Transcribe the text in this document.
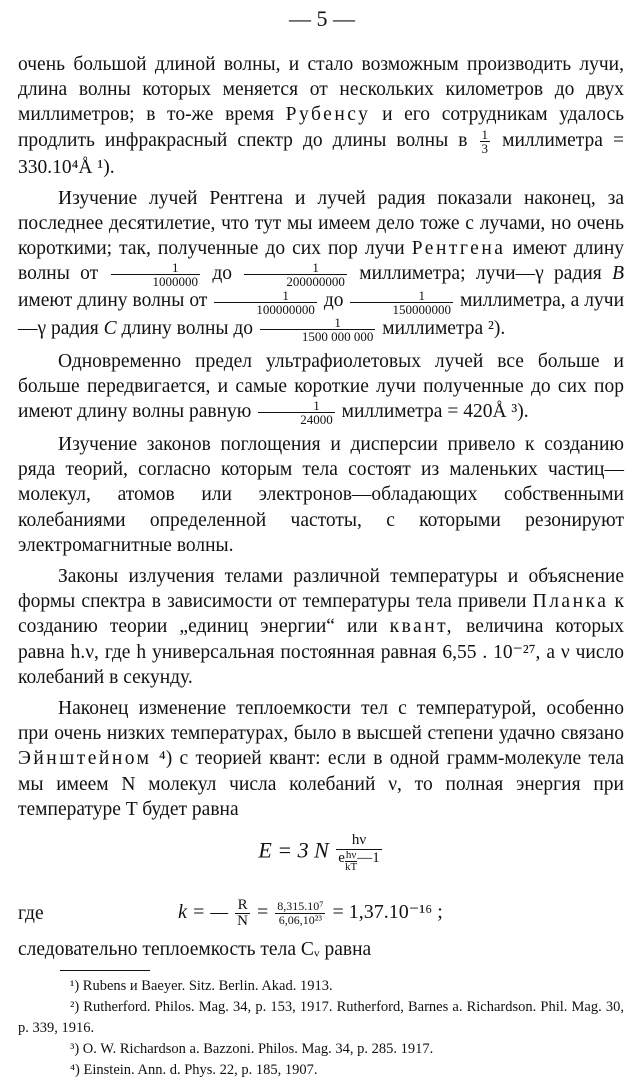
— 5 —

очень большой длиной волны, и стало возможным производить лучи, длина волны которых меняется от нескольких километров до двух миллиметров; в то-же время Рубенсу и его сотрудникам удалось продлить инфракрасный спектр до длины волны в $\frac{1}{3}$ миллиметра = 330.10⁴Å ¹).

Изучение лучей Рентгена и лучей радия показали наконец, за последнее десятилетие, что тут мы имеем дело тоже с лучами, но очень короткими; так, полученные до сих пор лучи Рентгена имеют длину волны от $\frac{1}{1000000}$ до $\frac{1}{200000000}$ миллиметра; лучи—γ радия B имеют длину волны от $\frac{1}{100000000}$ до $\frac{1}{150000000}$ миллиметра, а лучи—γ радия C длину волны до $\frac{1}{1500 000 000}$ миллиметра ²).

Одновременно предел ультрафиолетовых лучей все больше и больше передвигается, и самые короткие лучи полученные до сих пор имеют длину волны равную $\frac{1}{24000}$ миллиметра = 420Å ³).

Изучение законов поглощения и дисперсии привело к созданию ряда теорий, согласно которым тела состоят из маленьких частиц—молекул, атомов или электронов—обладающих собственными колебаниями определенной частоты, с которыми резонируют электромагнитные волны.

Законы излучения телами различной температуры и объяснение формы спектра в зависимости от температуры тела привели Планка к созданию теории „единиц энергии“ или квант, величина которых равна h.ν, где h универсальная постоянная равная 6,55 . 10⁻²⁷, а ν число колебаний в секунду.

Наконец изменение теплоемкости тел с температурой, особенно при очень низких температурах, было в высшей степени удачно связано Эйнштейном ⁴) с теорией квант: если в одной грамм-молекуле тела мы имеем N молекул числа колебаний ν, то полная энергия при температуре T будет равна

E = 3 N hν
e $^{\frac{h\nu}{kT}}$ —1
где	k = — $\frac{R}{N} = \frac{\text{8,315.10⁷}}{\text{6,06,10²³}} = 1,37.10^{-16}$ ;

следовательно теплоемкость тела Cᵥ равна

¹) Rubens и Baeyer. Sitz. Berlin. Akad. 1913.
²) Rutherford. Philos. Mag. 34, p. 153, 1917. Rutherford, Barnes a. Richardson. Phil. Mag. 30, p. 339, 1916.
³) O. W. Richardson a. Bazzoni. Philos. Mag. 34, p. 285. 1917.
⁴) Einstein. Ann. d. Phys. 22, p. 185, 1907.
